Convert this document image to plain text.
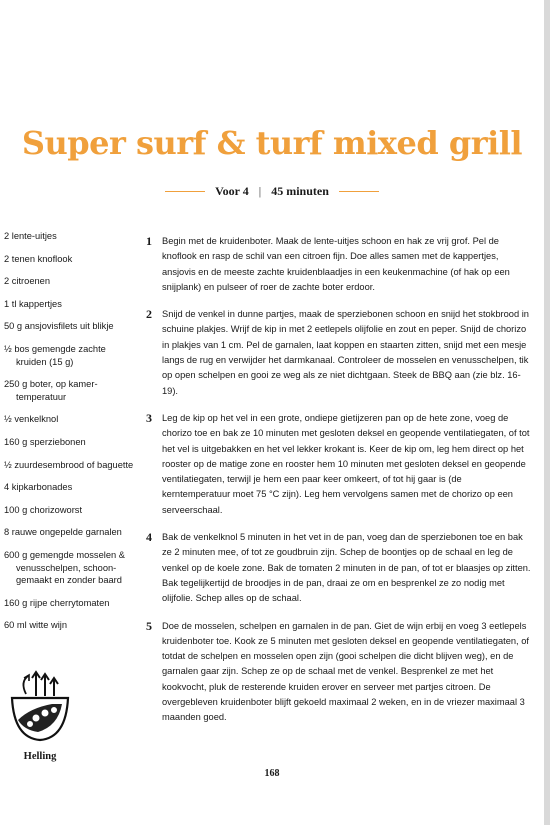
Super surf & turf mixed grill
Voor 4 | 45 minuten
2 lente-uitjes
2 tenen knoflook
2 citroenen
1 tl kappertjes
50 g ansjovisfilets uit blikje
½ bos gemengde zachte kruiden (15 g)
250 g boter, op kamer-temperatuur
½ venkelknol
160 g sperziebonen
½ zuurdesembrood of baguette
4 kipkarbonades
100 g chorizoworst
8 rauwe ongepelde garnalen
600 g gemengde mosselen & venusschelpen, schoon-gemaakt en zonder baard
160 g rijpe cherrytomaten
60 ml witte wijn
1	Begin met de kruidenboter. Maak de lente-uitjes schoon en hak ze vrij grof. Pel de knoflook en rasp de schil van een citroen fijn. Doe alles samen met de kappertjes, ansjovis en de meeste zachte kruidenblaadjes in een keukenmachine (of hak op een snijplank) en pulseer of roer de zachte boter erdoor.
2	Snijd de venkel in dunne partjes, maak de sperziebonen schoon en snijd het stokbrood in schuine plakjes. Wrijf de kip in met 2 eetlepels olijfolie en zout en peper. Snijd de chorizo in plakjes van 1 cm. Pel de garnalen, laat koppen en staarten zitten, snijd met een mesje langs de rug en verwijder het darmkanaal. Controleer de mosselen en venusschelpen, tik op open schelpen en gooi ze weg als ze niet dichtgaan. Steek de BBQ aan (zie blz. 16-19).
3	Leg de kip op het vel in een grote, ondiepe gietijzeren pan op de hete zone, voeg de chorizo toe en bak ze 10 minuten met gesloten deksel en geopende ventilatiegaten, of tot het vel is uitgebakken en het vel lekker krokant is. Keer de kip om, leg hem direct op het rooster op de matige zone en rooster hem 10 minuten met gesloten deksel en geopende ventilatiegaten, terwijl je hem een paar keer omkeert, of tot hij gaar is (de kerntemperatuur moet 75 °C zijn). Leg hem vervolgens samen met de chorizo op een serveerschaal.
4	Bak de venkelknol 5 minuten in het vet in de pan, voeg dan de sperziebonen toe en bak ze 2 minuten mee, of tot ze goudbruin zijn. Schep de boontjes op de schaal en leg de venkel op de koele zone. Bak de tomaten 2 minuten in de pan, of tot er blaasjes op zitten. Bak tegelijkertijd de broodjes in de pan, draai ze om en besprenkel ze zo nodig met olijfolie. Schep alles op de schaal.
5	Doe de mosselen, schelpen en garnalen in de pan. Giet de wijn erbij en voeg 3 eetlepels kruidenboter toe. Kook ze 5 minuten met gesloten deksel en geopende ventilatiegaten, of totdat de schelpen en mosselen open zijn (gooi schelpen die dicht blijven weg), en de garnalen gaar zijn. Schep ze op de schaal met de venkel. Besprenkel ze met het kookvocht, pluk de resterende kruiden erover en serveer met partjes citroen. De overgebleven kruidenboter blijft gekoeld maximaal 2 weken, en in de vriezer maximaal 3 maanden goed.
Helling
168
